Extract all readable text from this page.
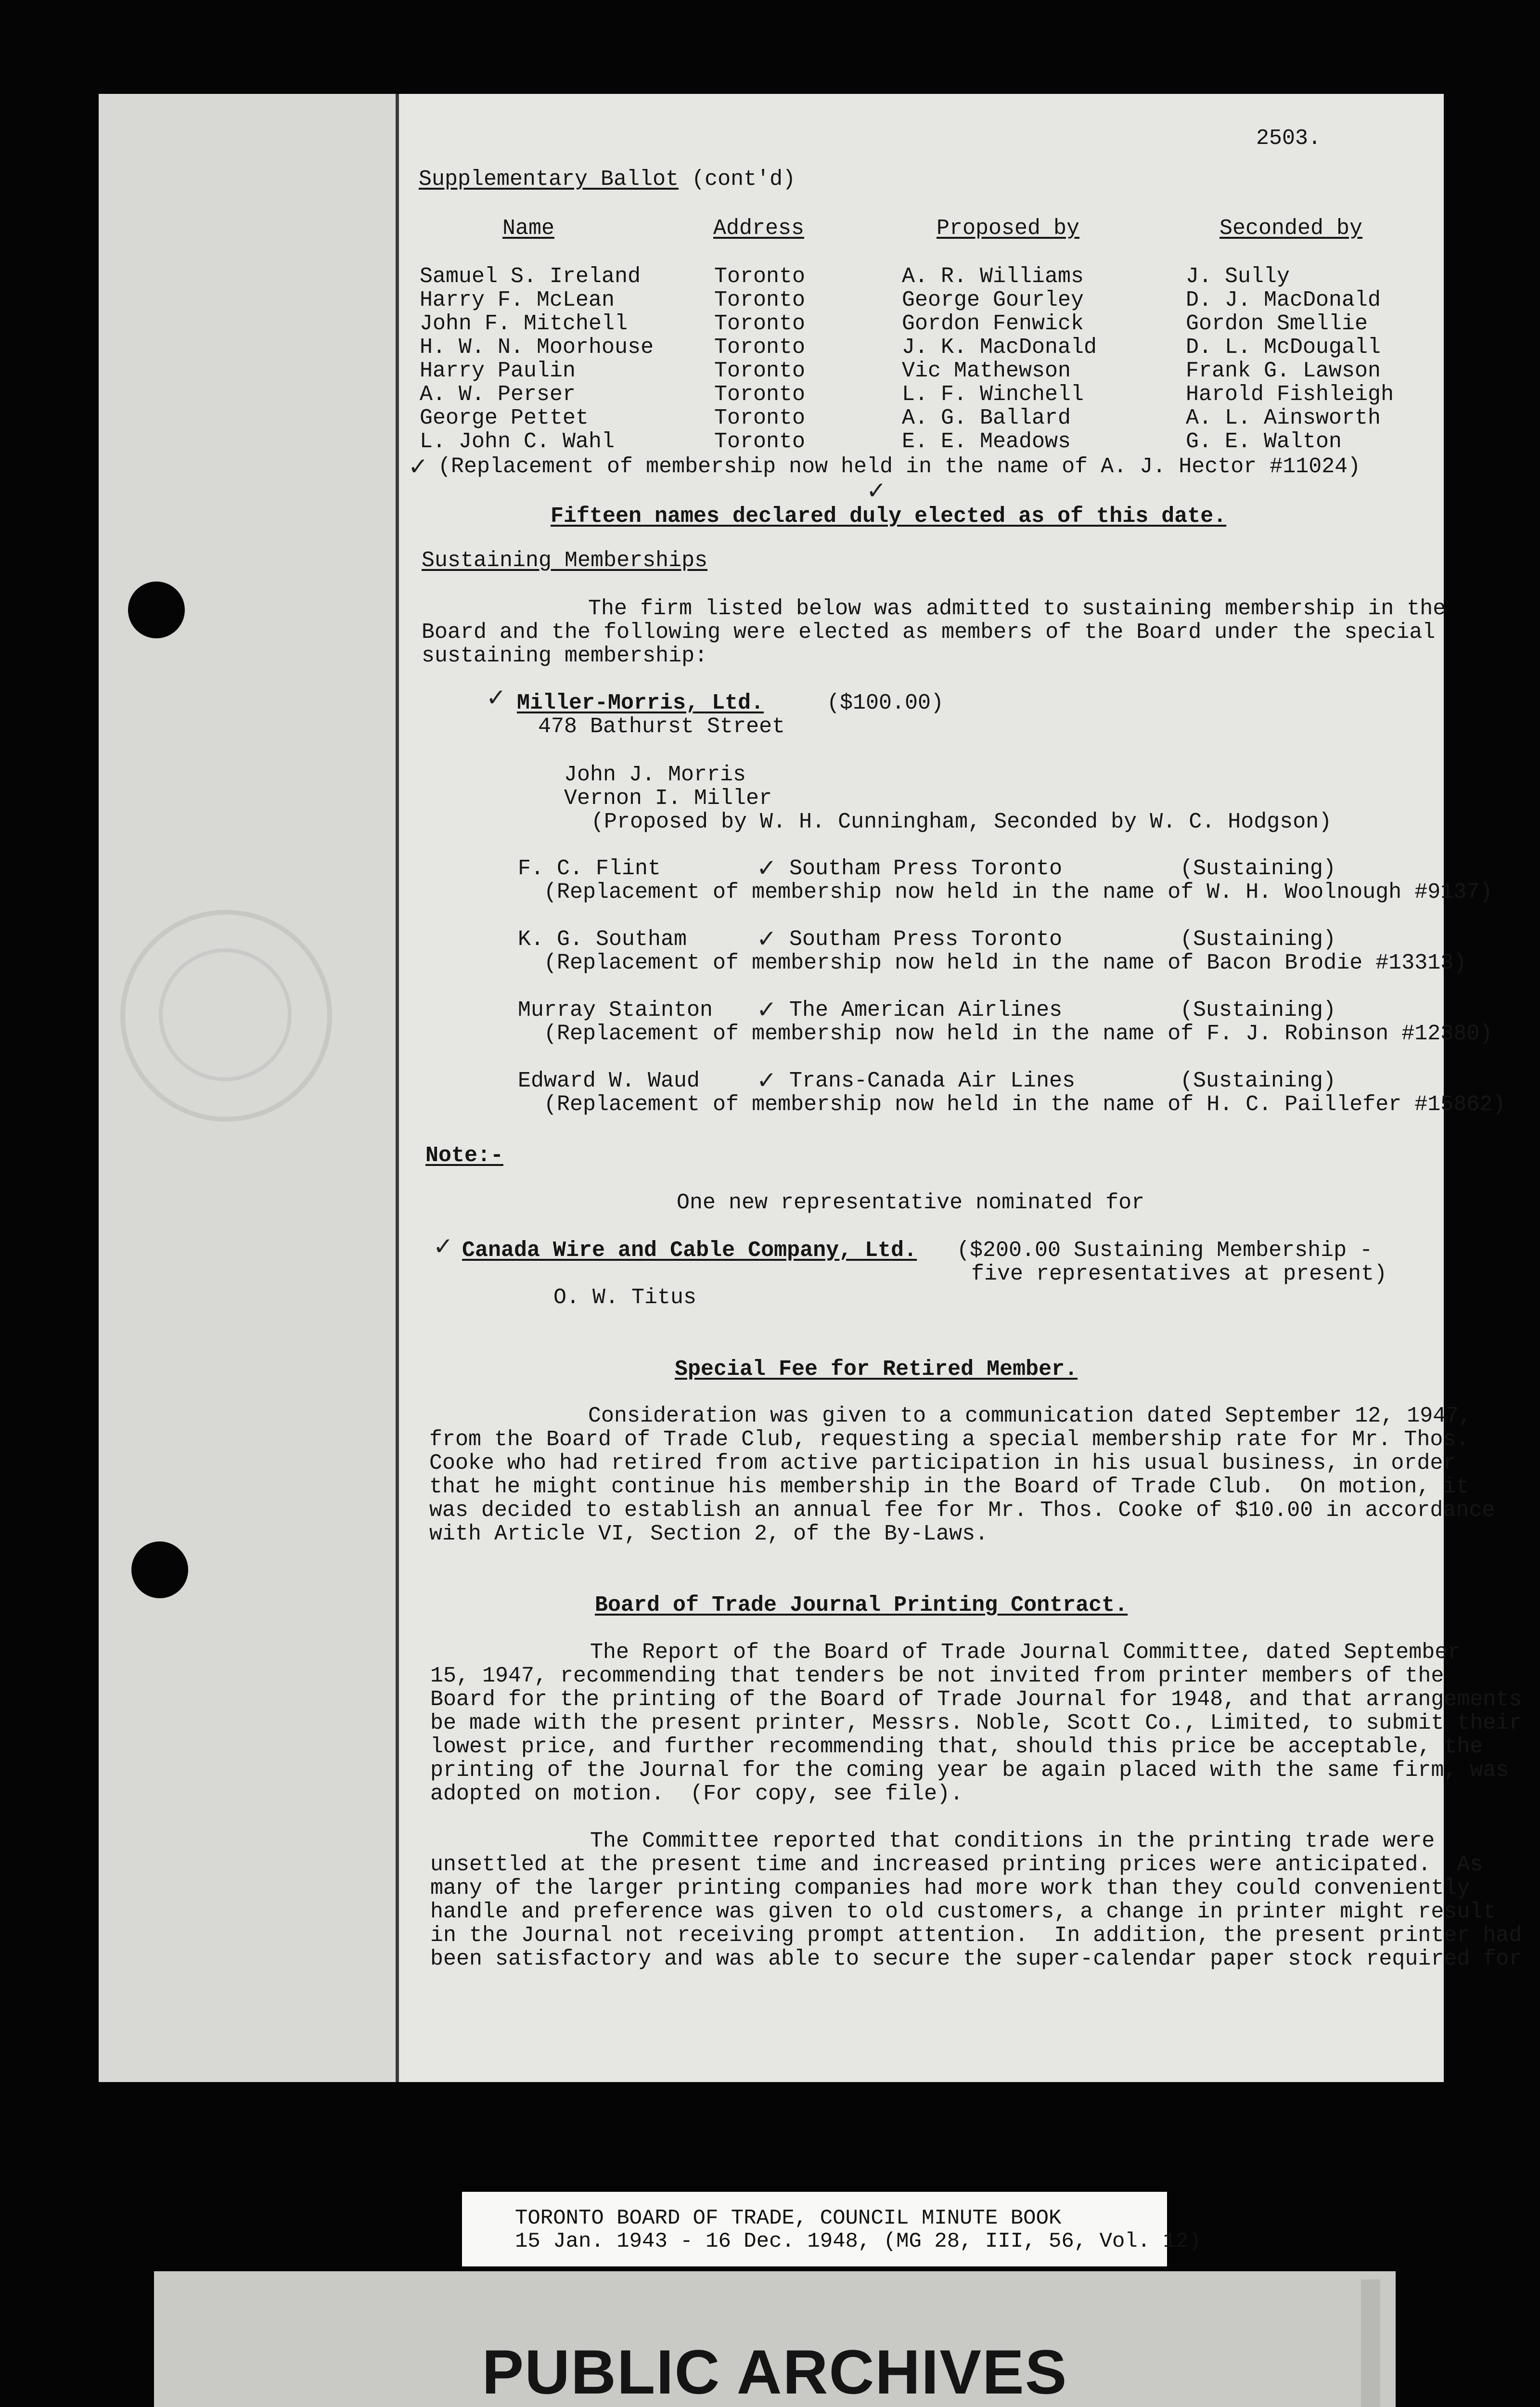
2503.
Supplementary Ballot (cont'd)
Name	Address	Proposed by	Seconded by
Samuel S. Ireland	Toronto	A. R. Williams	J. Sully
Harry F. McLean	Toronto	George Gourley	D. J. MacDonald
John F. Mitchell	Toronto	Gordon Fenwick	Gordon Smellie
H. W. N. Moorhouse	Toronto	J. K. MacDonald	D. L. McDougall
Harry Paulin	Toronto	Vic Mathewson	Frank G. Lawson
A. W. Perser	Toronto	L. F. Winchell	Harold Fishleigh
George Pettet	Toronto	A. G. Ballard	A. L. Ainsworth
L. John C. Wahl	Toronto	E. E. Meadows	G. E. Walton
✓ (Replacement of membership now held in the name of A. J. Hector #11024)
✓
Fifteen names declared duly elected as of this date.
Sustaining Memberships
The firm listed below was admitted to sustaining membership in the
Board and the following were elected as members of the Board under the special
sustaining membership:
✓ Miller-Morris, Ltd.	($100.00)
478 Bathurst Street
John J. Morris
Vernon I. Miller
(Proposed by W. H. Cunningham, Seconded by W. C. Hodgson)
F. C. Flint	✓ Southam Press Toronto	(Sustaining)
(Replacement of membership now held in the name of W. H. Woolnough #9137)
K. G. Southam	✓ Southam Press Toronto	(Sustaining)
(Replacement of membership now held in the name of Bacon Brodie #13313)
Murray Stainton ✓ The American Airlines	(Sustaining)
(Replacement of membership now held in the name of F. J. Robinson #12380)
Edward W. Waud ✓ Trans-Canada Air Lines	(Sustaining)
(Replacement of membership now held in the name of H. C. Paillefer #15862)
Note:-
One new representative nominated for
✓ Canada Wire and Cable Company, Ltd. ($200.00 Sustaining Membership -
five representatives at present)
O. W. Titus
Special Fee for Retired Member.
Consideration was given to a communication dated September 12, 1947,
from the Board of Trade Club, requesting a special membership rate for Mr. Thos.
Cooke who had retired from active participation in his usual business, in order
that he might continue his membership in the Board of Trade Club.  On motion, it
was decided to establish an annual fee for Mr. Thos. Cooke of $10.00 in accordance
with Article VI, Section 2, of the By-Laws.
Board of Trade Journal Printing Contract.
The Report of the Board of Trade Journal Committee, dated September
15, 1947, recommending that tenders be not invited from printer members of the
Board for the printing of the Board of Trade Journal for 1948, and that arrangements
be made with the present printer, Messrs. Noble, Scott Co., Limited, to submit their
lowest price, and further recommending that, should this price be acceptable, the
printing of the Journal for the coming year be again placed with the same firm, was
adopted on motion.  (For copy, see file).
The Committee reported that conditions in the printing trade were
unsettled at the present time and increased printing prices were anticipated.  As
many of the larger printing companies had more work than they could conveniently
handle and preference was given to old customers, a change in printer might result
in the Journal not receiving prompt attention.  In addition, the present printer had
been satisfactory and was able to secure the super-calendar paper stock required for
TORONTO BOARD OF TRADE, COUNCIL MINUTE BOOK
15 Jan. 1943 - 16 Dec. 1948, (MG 28, III, 56, Vol. 12)
PUBLIC ARCHIVES
